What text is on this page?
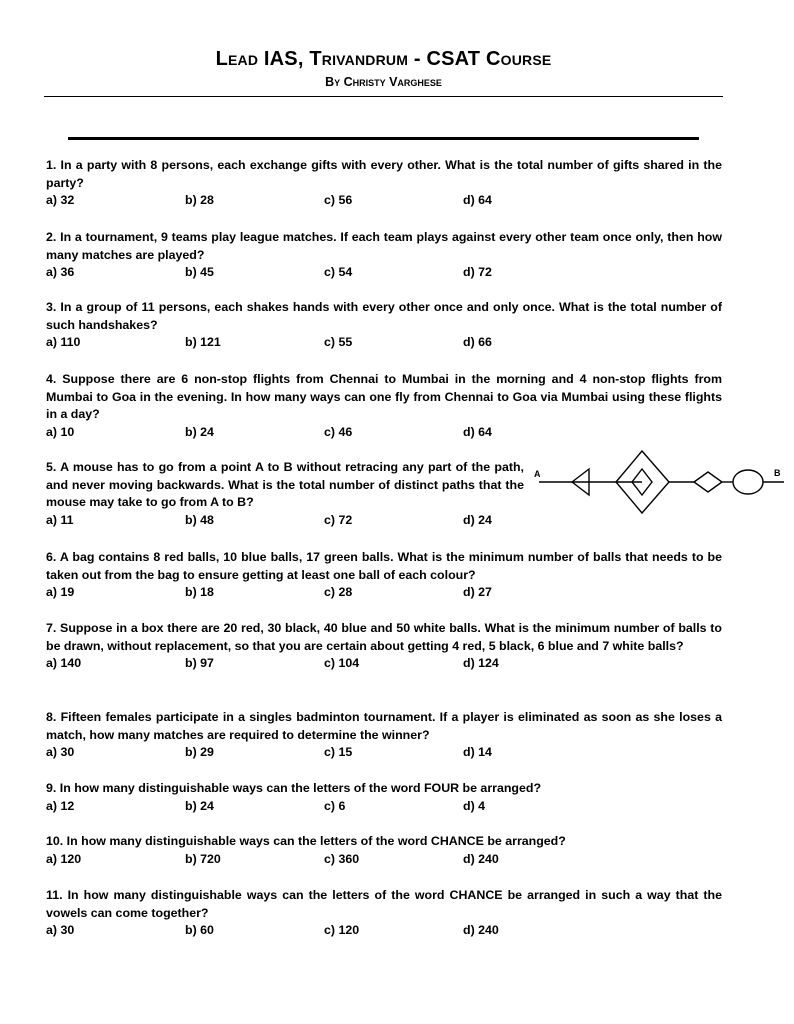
Lead IAS, Trivandrum - CSAT Course
By Christy Varghese
1. In a party with 8 persons, each exchange gifts with every other. What is the total number of gifts shared in the party?
a) 32	b) 28	c) 56	d) 64
2. In a tournament, 9 teams play league matches. If each team plays against every other team once only, then how many matches are played?
a) 36	b) 45	c) 54	d) 72
3. In a group of 11 persons, each shakes hands with every other once and only once. What is the total number of such handshakes?
a) 110	b) 121	c) 55	d) 66
4. Suppose there are 6 non-stop flights from Chennai to Mumbai in the morning and 4 non-stop flights from Mumbai to Goa in the evening. In how many ways can one fly from Chennai to Goa via Mumbai using these flights in a day?
a) 10	b) 24	c) 46	d) 64
5. A mouse has to go from a point A to B without retracing any part of the path, and never moving backwards. What is the total number of distinct paths that the mouse may take to go from A to B?
a) 11	b) 48	c) 72	d) 24
A	B
6. A bag contains 8 red balls, 10 blue balls, 17 green balls. What is the minimum number of balls that needs to be taken out from the bag to ensure getting at least one ball of each colour?
a) 19	b) 18	c) 28	d) 27
7. Suppose in a box there are 20 red, 30 black, 40 blue and 50 white balls. What is the minimum number of balls to be drawn, without replacement, so that you are certain about getting 4 red, 5 black, 6 blue and 7 white balls?
a) 140	b) 97	c) 104	d) 124
8. Fifteen females participate in a singles badminton tournament. If a player is eliminated as soon as she loses a match, how many matches are required to determine the winner?
a) 30	b) 29	c) 15	d) 14
9. In how many distinguishable ways can the letters of the word FOUR be arranged?
a) 12	b) 24	c) 6	d) 4
10. In how many distinguishable ways can the letters of the word CHANCE be arranged?
a) 120	b) 720	c) 360	d) 240
11. In how many distinguishable ways can the letters of the word CHANCE be arranged in such a way that the vowels can come together?
a) 30	b) 60	c) 120	d) 240
